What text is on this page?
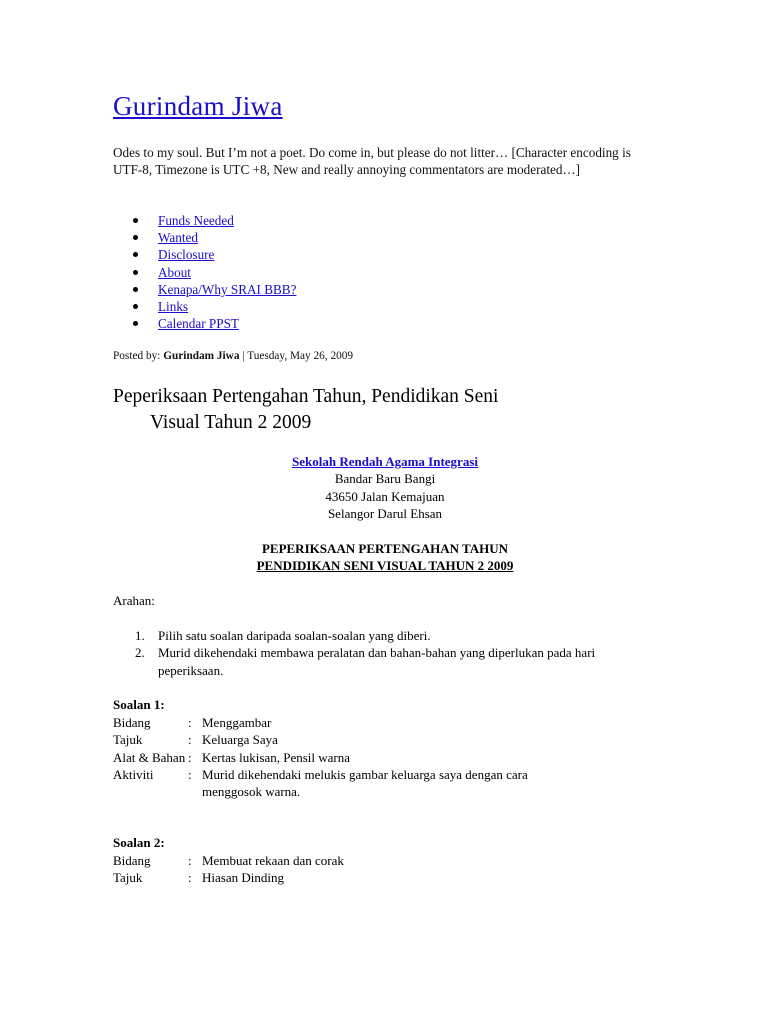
Gurindam Jiwa
Odes to my soul. But I’m not a poet. Do come in, but please do not litter… [Character encoding is UTF-8, Timezone is UTC +8, New and really annoying commentators are moderated…]
Funds Needed
Wanted
Disclosure
About
Kenapa/Why SRAI BBB?
Links
Calendar PPST
Posted by: Gurindam Jiwa | Tuesday, May 26, 2009
Peperiksaan Pertengahan Tahun, Pendidikan Seni
Visual Tahun 2 2009
Sekolah Rendah Agama Integrasi
Bandar Baru Bangi
43650 Jalan Kemajuan
Selangor Darul Ehsan
PEPERIKSAAN PERTENGAHAN TAHUN
PENDIDIKAN SENI VISUAL TAHUN 2 2009
Arahan:
1. Pilih satu soalan daripada soalan-soalan yang diberi.
2. Murid dikehendaki membawa peralatan dan bahan-bahan yang diperlukan pada hari peperiksaan.
Soalan 1:
Bidang	:	Menggambar
Tajuk	:	Keluarga Saya
Alat & Bahan	:	Kertas lukisan, Pensil warna
Aktiviti	:	Murid dikehendaki melukis gambar keluarga saya dengan cara menggosok warna.
Soalan 2:
Bidang	:	Membuat rekaan dan corak
Tajuk	:	Hiasan Dinding
